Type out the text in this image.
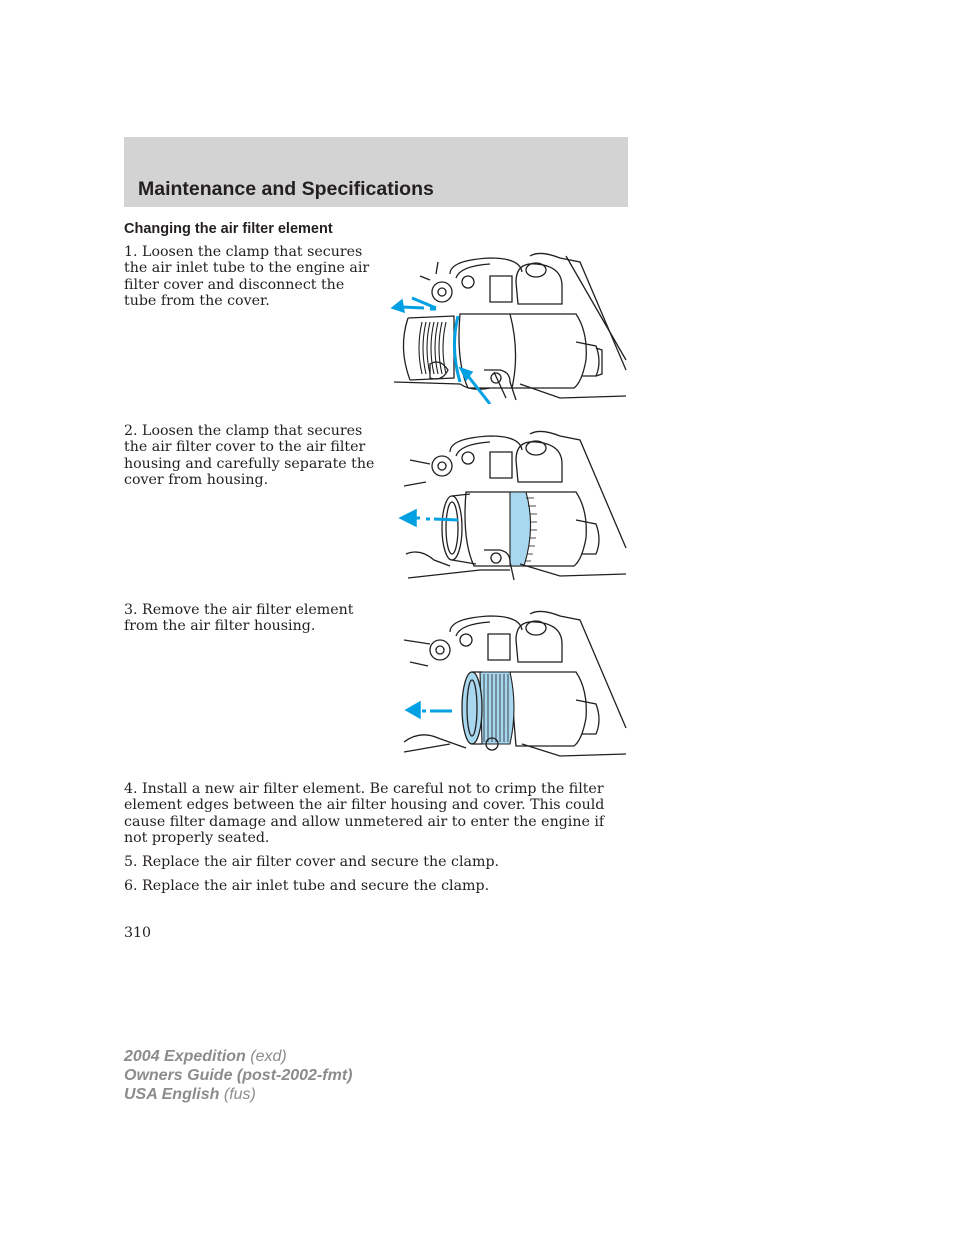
Maintenance and Specifications
Changing the air filter element

1. Loosen the clamp that secures the air inlet tube to the engine air filter cover and disconnect the tube from the cover.

2. Loosen the clamp that secures the air filter cover to the air filter housing and carefully separate the cover from housing.

3. Remove the air filter element from the air filter housing.

4. Install a new air filter element. Be careful not to crimp the filter element edges between the air filter housing and cover. This could cause filter damage and allow unmetered air to enter the engine if not properly seated.

5. Replace the air filter cover and secure the clamp.

6. Replace the air inlet tube and secure the clamp.

310
2004 Expedition (exd)
Owners Guide (post-2002-fmt)
USA English (fus)
